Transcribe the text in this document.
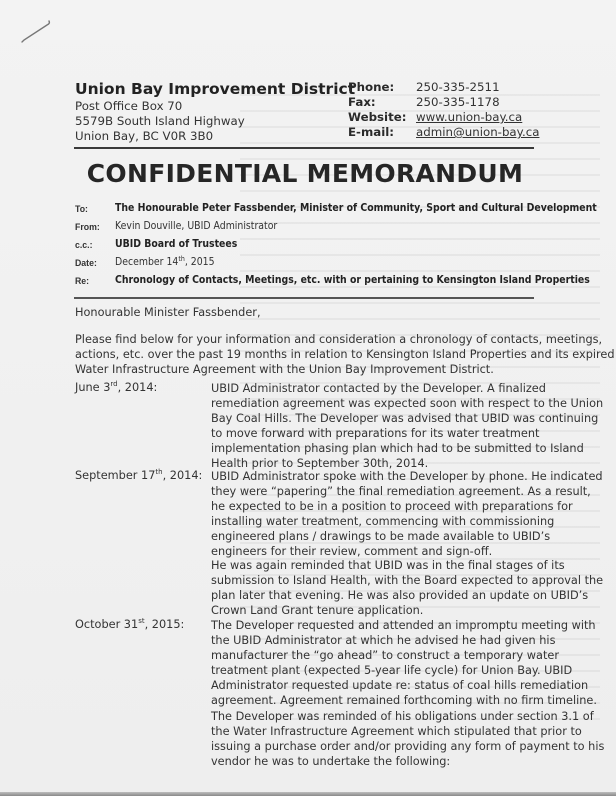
Union Bay Improvement District
Post Office Box 70
5579B South Island Highway
Union Bay, BC V0R 3B0
Phone: 250-335-2511
Fax:	250-335-1178
Website: www.union-bay.ca
E-mail: admin@union-bay.ca
CONFIDENTIAL MEMORANDUM
To:	The Honourable Peter Fassbender, Minister of Community, Sport and Cultural Development
From: Kevin Douville, UBID Administrator
c.c.: UBID Board of Trustees
Date: December 14th, 2015
Re: Chronology of Contacts, Meetings, etc. with or pertaining to Kensington Island Properties
Honourable Minister Fassbender,
Please find below for your information and consideration a chronology of contacts, meetings,
actions, etc. over the past 19 months in relation to Kensington Island Properties and its expired
Water Infrastructure Agreement with the Union Bay Improvement District.
June 3rd, 2014:	UBID Administrator contacted by the Developer. A finalized
remediation agreement was expected soon with respect to the Union
Bay Coal Hills. The Developer was advised that UBID was continuing
to move forward with preparations for its water treatment
implementation phasing plan which had to be submitted to Island
Health prior to September 30th, 2014.
September 17th, 2014: UBID Administrator spoke with the Developer by phone. He indicated
they were “papering” the final remediation agreement. As a result,
he expected to be in a position to proceed with preparations for
installing water treatment, commencing with commissioning
engineered plans / drawings to be made available to UBID’s
engineers for their review, comment and sign-off.
He was again reminded that UBID was in the final stages of its
submission to Island Health, with the Board expected to approval the
plan later that evening. He was also provided an update on UBID’s
Crown Land Grant tenure application.
October 31st, 2015: The Developer requested and attended an impromptu meeting with
the UBID Administrator at which he advised he had given his
manufacturer the “go ahead” to construct a temporary water
treatment plant (expected 5-year life cycle) for Union Bay. UBID
Administrator requested update re: status of coal hills remediation
agreement. Agreement remained forthcoming with no firm timeline.
The Developer was reminded of his obligations under section 3.1 of
the Water Infrastructure Agreement which stipulated that prior to
issuing a purchase order and/or providing any form of payment to his
vendor he was to undertake the following:
